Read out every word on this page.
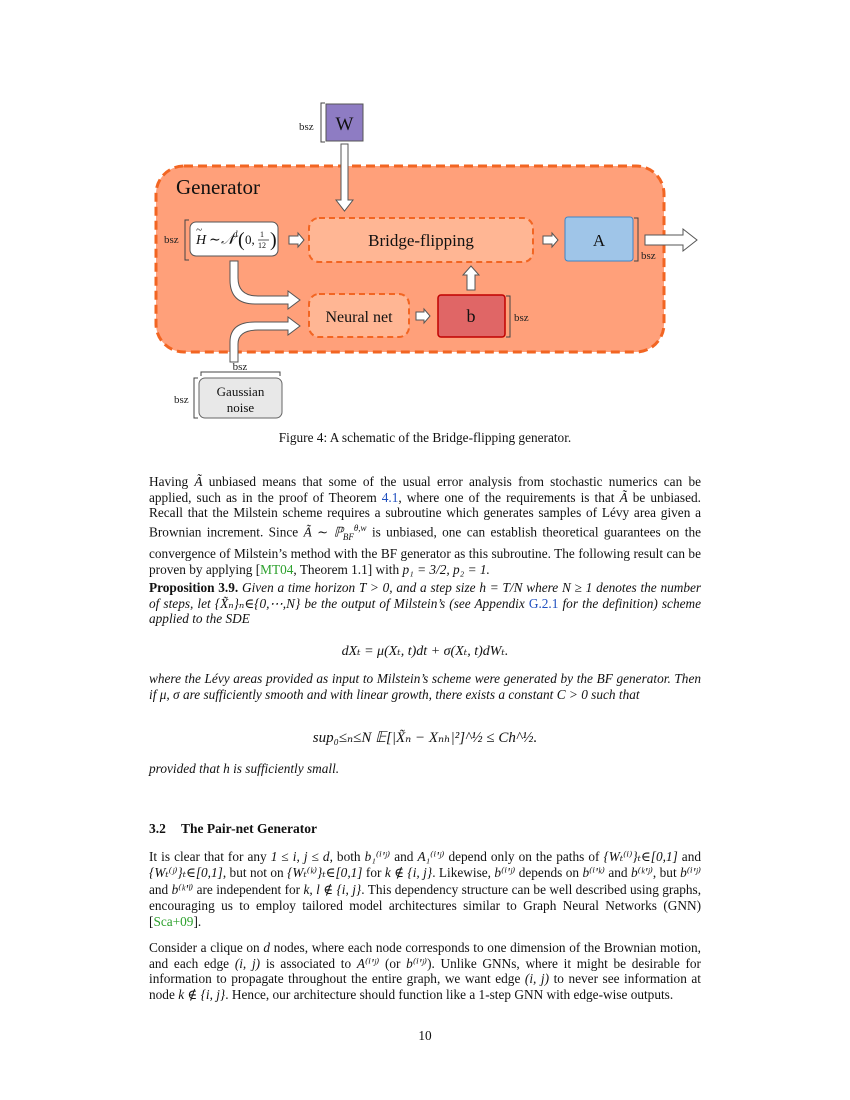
Generator
bsz W
bsz H
~
∼ 𝒩
d ( 0, 1
12 )	Bridge-flipping	A
bsz
Neural net	b	bsz
bsz
bsz
Gaussian
noise
Figure 4: A schematic of the Bridge-flipping generator.
Having Ã unbiased means that some of the usual error analysis from stochastic numerics can be applied, such as in the proof of Theorem 4.1, where one of the requirements is that Ã be unbiased. Recall that the Milstein scheme requires a subroutine which generates samples of Lévy area given a Brownian increment. Since Ã ∼ ℙ$_{BF}^{\theta,w}$ is unbiased, one can establish theoretical guarantees on the convergence of Milstein’s method with the BF generator as this subroutine. The following result can be proven by applying [MT04, Theorem 1.1] with p₁ = 3/2, p₂ = 1.
Proposition 3.9. Given a time horizon T > 0, and a step size h = T/N where N ≥ 1 denotes the number of steps, let {X̃ₙ}ₙ∈{0,⋯,N} be the output of Milstein’s (see Appendix G.2.1 for the definition) scheme applied to the SDE
dXₜ = μ(Xₜ, t)dt + σ(Xₜ, t)dWₜ.
where the Lévy areas provided as input to Milstein’s scheme were generated by the BF generator. Then if μ, σ are sufficiently smooth and with linear growth, there exists a constant C > 0 such that
sup₀≤ₙ≤N 𝔼[|X̃ₙ − Xₙₕ|²]^½ ≤ Ch^½.
provided that h is sufficiently small.
3.2 The Pair-net Generator
It is clear that for any 1 ≤ i, j ≤ d, both b₁⁽ⁱ'ʲ⁾ and A₁⁽ⁱ'ʲ⁾ depend only on the paths of {Wₜ⁽ⁱ⁾}ₜ∈[0,1] and {Wₜ⁽ʲ⁾}ₜ∈[0,1], but not on {Wₜ⁽ᵏ⁾}ₜ∈[0,1] for k ∉ {i, j}. Likewise, b⁽ⁱ'ʲ⁾ depends on b⁽ⁱ'ᵏ⁾ and b⁽ᵏ'ʲ⁾, but b⁽ⁱ'ʲ⁾ and b⁽ᵏ'ˡ⁾ are independent for k, l ∉ {i, j}. This dependency structure can be well described using graphs, encouraging us to employ tailored model architectures similar to Graph Neural Networks (GNN) [Sca+09].
Consider a clique on d nodes, where each node corresponds to one dimension of the Brownian motion, and each edge (i, j) is associated to A⁽ⁱ'ʲ⁾ (or b⁽ⁱ'ʲ⁾). Unlike GNNs, where it might be desirable for information to propagate throughout the entire graph, we want edge (i, j) to never see information at node k ∉ {i, j}. Hence, our architecture should function like a 1-step GNN with edge-wise outputs.
10
